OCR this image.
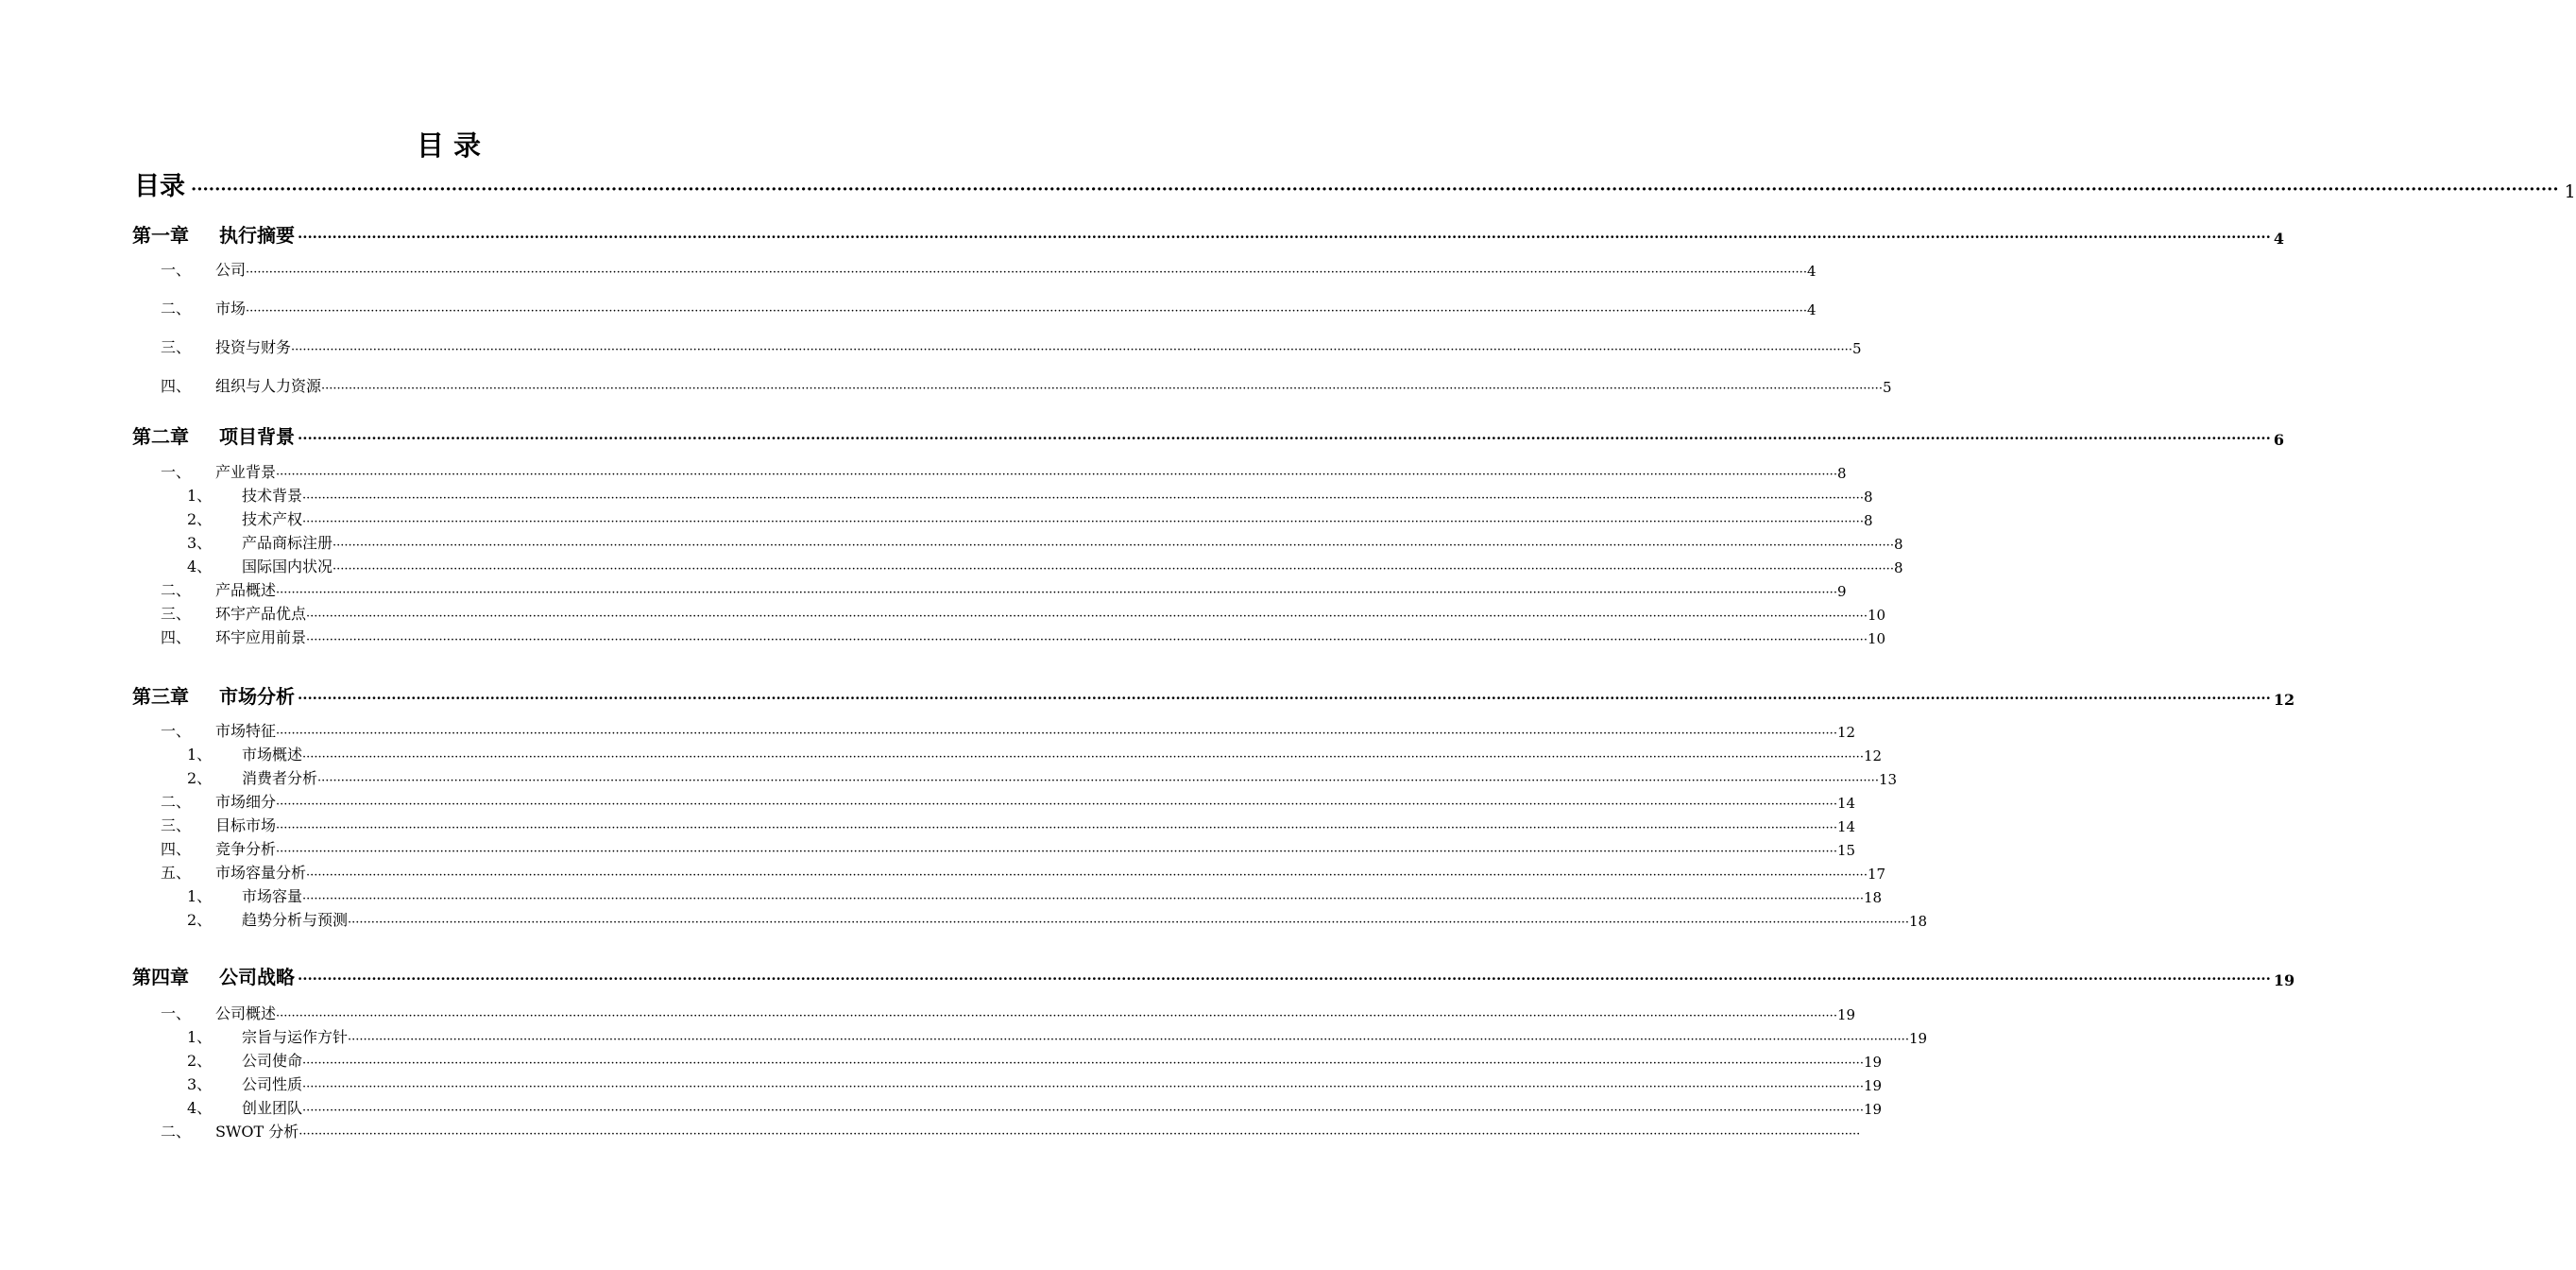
目 录
目录 ················································································································································································································································································································································································································ 1
第一章 执行摘要 ················································································································································································································································································································································································································ 4
一、 公司 ················································································································································································································································································································································································································ 4
二、 市场 ················································································································································································································································································································································································································ 4
三、 投资与财务 ················································································································································································································································································································································································································ 5
四、 组织与人力资源 ················································································································································································································································································································································································································ 5
第二章 项目背景 ················································································································································································································································································································································································································ 6
一、 产业背景 ················································································································································································································································································································································································································ 8
1、 技术背景 ················································································································································································································································································································································································································ 8
2、 技术产权 ················································································································································································································································································································································································································ 8
3、 产品商标注册 ················································································································································································································································································································································································································ 8
4、 国际国内状况 ················································································································································································································································································································································································································ 8
二、 产品概述 ················································································································································································································································································································································································································ 9
三、 环宇产品优点 ················································································································································································································································································································································································································ 10
四、 环宇应用前景 ················································································································································································································································································································································································································ 10
第三章 市场分析 ················································································································································································································································································································································································································ 12
一、 市场特征 ················································································································································································································································································································································································································ 12
1、 市场概述 ················································································································································································································································································································································································································ 12
2、 消费者分析 ················································································································································································································································································································································································································ 13
二、 市场细分 ················································································································································································································································································································································································································ 14
三、 目标市场 ················································································································································································································································································································································································································ 14
四、 竞争分析 ················································································································································································································································································································································································································ 15
五、 市场容量分析 ················································································································································································································································································································································································································ 17
1、 市场容量 ················································································································································································································································································································································································································ 18
2、 趋势分析与预测 ················································································································································································································································································································································································································ 18
第四章 公司战略 ················································································································································································································································································································································································································ 19
一、 公司概述 ················································································································································································································································································································································································································ 19
1、 宗旨与运作方针 ················································································································································································································································································································································································································ 19
2、 公司使命 ················································································································································································································································································································································································································ 19
3、 公司性质 ················································································································································································································································································································································································································ 19
4、 创业团队 ················································································································································································································································································································································································································ 19
二、 SWOT 分析 ················································································································································································································································································································································································································
